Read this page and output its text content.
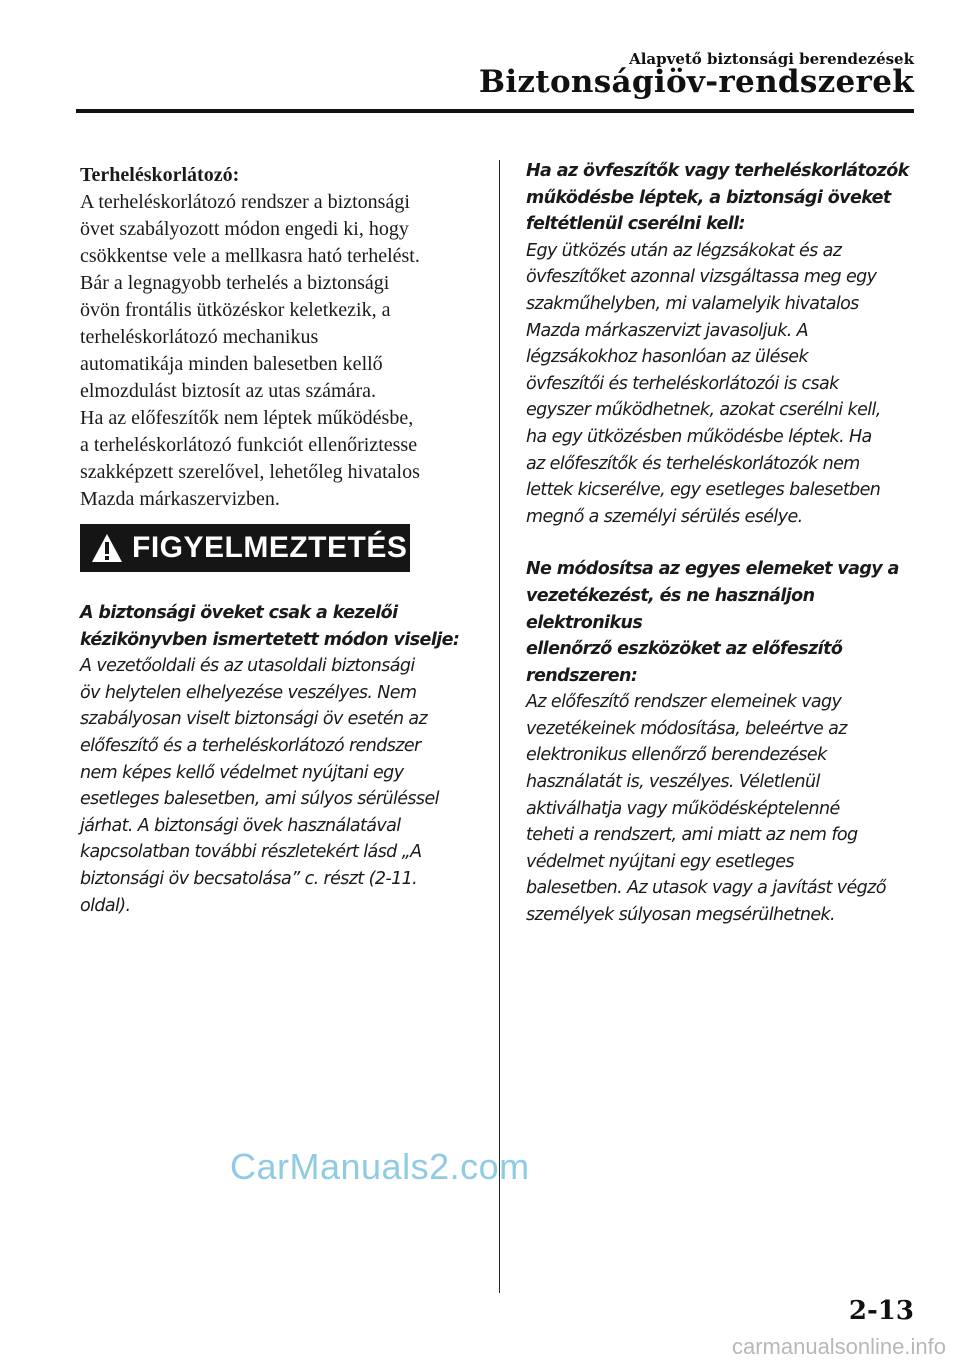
Alapvető biztonsági berendezések
Biztonságiöv-rendszerek

Terheléskorlátozó:

A terheléskorlátozó rendszer a biztonsági
övet szabályozott módon engedi ki, hogy
csökkentse vele a mellkasra ható terhelést.
Bár a legnagyobb terhelés a biztonsági
övön frontális ütközéskor keletkezik, a
terheléskorlátozó mechanikus
automatikája minden balesetben kellő
elmozdulást biztosít az utas számára.
Ha az előfeszítők nem léptek működésbe,
a terheléskorlátozó funkciót ellenőriztesse
szakképzett szerelővel, lehetőleg hivatalos
Mazda márkaszervizben.

FIGYELMEZTETÉS

A biztonsági öveket csak a kezelői
kézikönyvben ismertetett módon viselje:

A vezetőoldali és az utasoldali biztonsági
öv helytelen elhelyezése veszélyes. Nem
szabályosan viselt biztonsági öv esetén az
előfeszítő és a terheléskorlátozó rendszer
nem képes kellő védelmet nyújtani egy
esetleges balesetben, ami súlyos sérüléssel
járhat. A biztonsági övek használatával
kapcsolatban további részletekért lásd „A
biztonsági öv becsatolása” c. részt (2-11.
oldal).

Ha az övfeszítők vagy terheléskorlátozók
működésbe léptek, a biztonsági öveket
feltétlenül cserélni kell:

Egy ütközés után az légzsákokat és az
övfeszítőket azonnal vizsgáltassa meg egy
szakműhelyben, mi valamelyik hivatalos
Mazda márkaszervizt javasoljuk. A
légzsákokhoz hasonlóan az ülések
övfeszítői és terheléskorlátozói is csak
egyszer működhetnek, azokat cserélni kell,
ha egy ütközésben működésbe léptek. Ha
az előfeszítők és terheléskorlátozók nem
lettek kicserélve, egy esetleges balesetben
megnő a személyi sérülés esélye.

Ne módosítsa az egyes elemeket vagy a
vezetékezést, és ne használjon elektronikus
ellenőrző eszközöket az előfeszítő
rendszeren:

Az előfeszítő rendszer elemeinek vagy
vezetékeinek módosítása, beleértve az
elektronikus ellenőrző berendezések
használatát is, veszélyes. Véletlenül
aktiválhatja vagy működésképtelenné
teheti a rendszert, ami miatt az nem fog
védelmet nyújtani egy esetleges
balesetben. Az utasok vagy a javítást végző
személyek súlyosan megsérülhetnek.

CarManuals2.com
2-13
carmanualsonline.info
